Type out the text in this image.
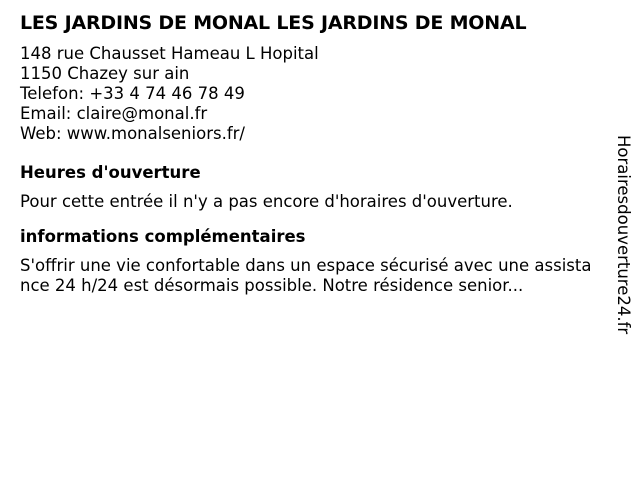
LES JARDINS DE MONAL LES JARDINS DE MONAL
148 rue Chausset Hameau L Hopital
1150 Chazey sur ain
Telefon: +33 4 74 46 78 49
Email: claire@monal.fr
Web: www.monalseniors.fr/
Heures d'ouverture
Pour cette entrée il n'y a pas encore d'horaires d'ouverture.
informations complémentaires
S'offrir une vie confortable dans un espace sécurisé avec une assistance 24 h/24 est désormais possible. Notre résidence senior...	Horairesdouverture24.fr
